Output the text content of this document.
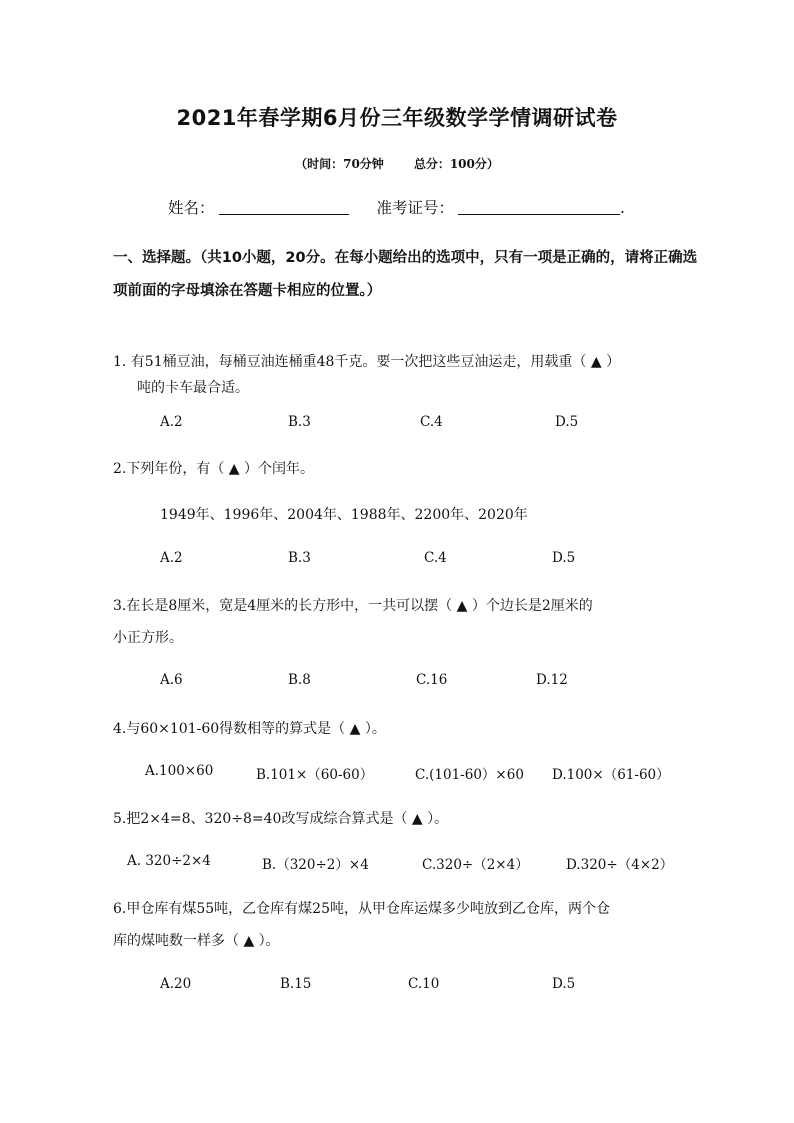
2021年春学期6月份三年级数学学情调研试卷
（时间：70分钟	总分：100分）
姓名：	准考证号：	.
一、选择题。（共10小题，20分。在每小题给出的选项中，只有一项是正确的，请将正确选项前面的字母填涂在答题卡相应的位置。）
1. 有51桶豆油，每桶豆油连桶重48千克。要一次把这些豆油运走，用载重（ ▲ ）
吨的卡车最合适。
A.2	B.3	C.4	D.5
2.下列年份，有（ ▲ ）个闰年。
1949年、1996年、2004年、1988年、2200年、2020年
A.2	B.3	C.4	D.5
3.在长是8厘米，宽是4厘米的长方形中，一共可以摆（ ▲ ）个边长是2厘米的
小正方形。
A.6	B.8	C.16	D.12
4.与60×101-60得数相等的算式是（ ▲ ）。
A.100×60	B.101×（60-60）	C.(101-60）×60 D.100×（61-60）
5.把2×4=8、320÷8=40改写成综合算式是（ ▲ ）。
A. 320÷2×4	B.（320÷2）×4	C.320÷（2×4）	D.320÷（4×2）
6.甲仓库有煤55吨，乙仓库有煤25吨，从甲仓库运煤多少吨放到乙仓库，两个仓
库的煤吨数一样多（ ▲ ）。
A.20	B.15	C.10	D.5
